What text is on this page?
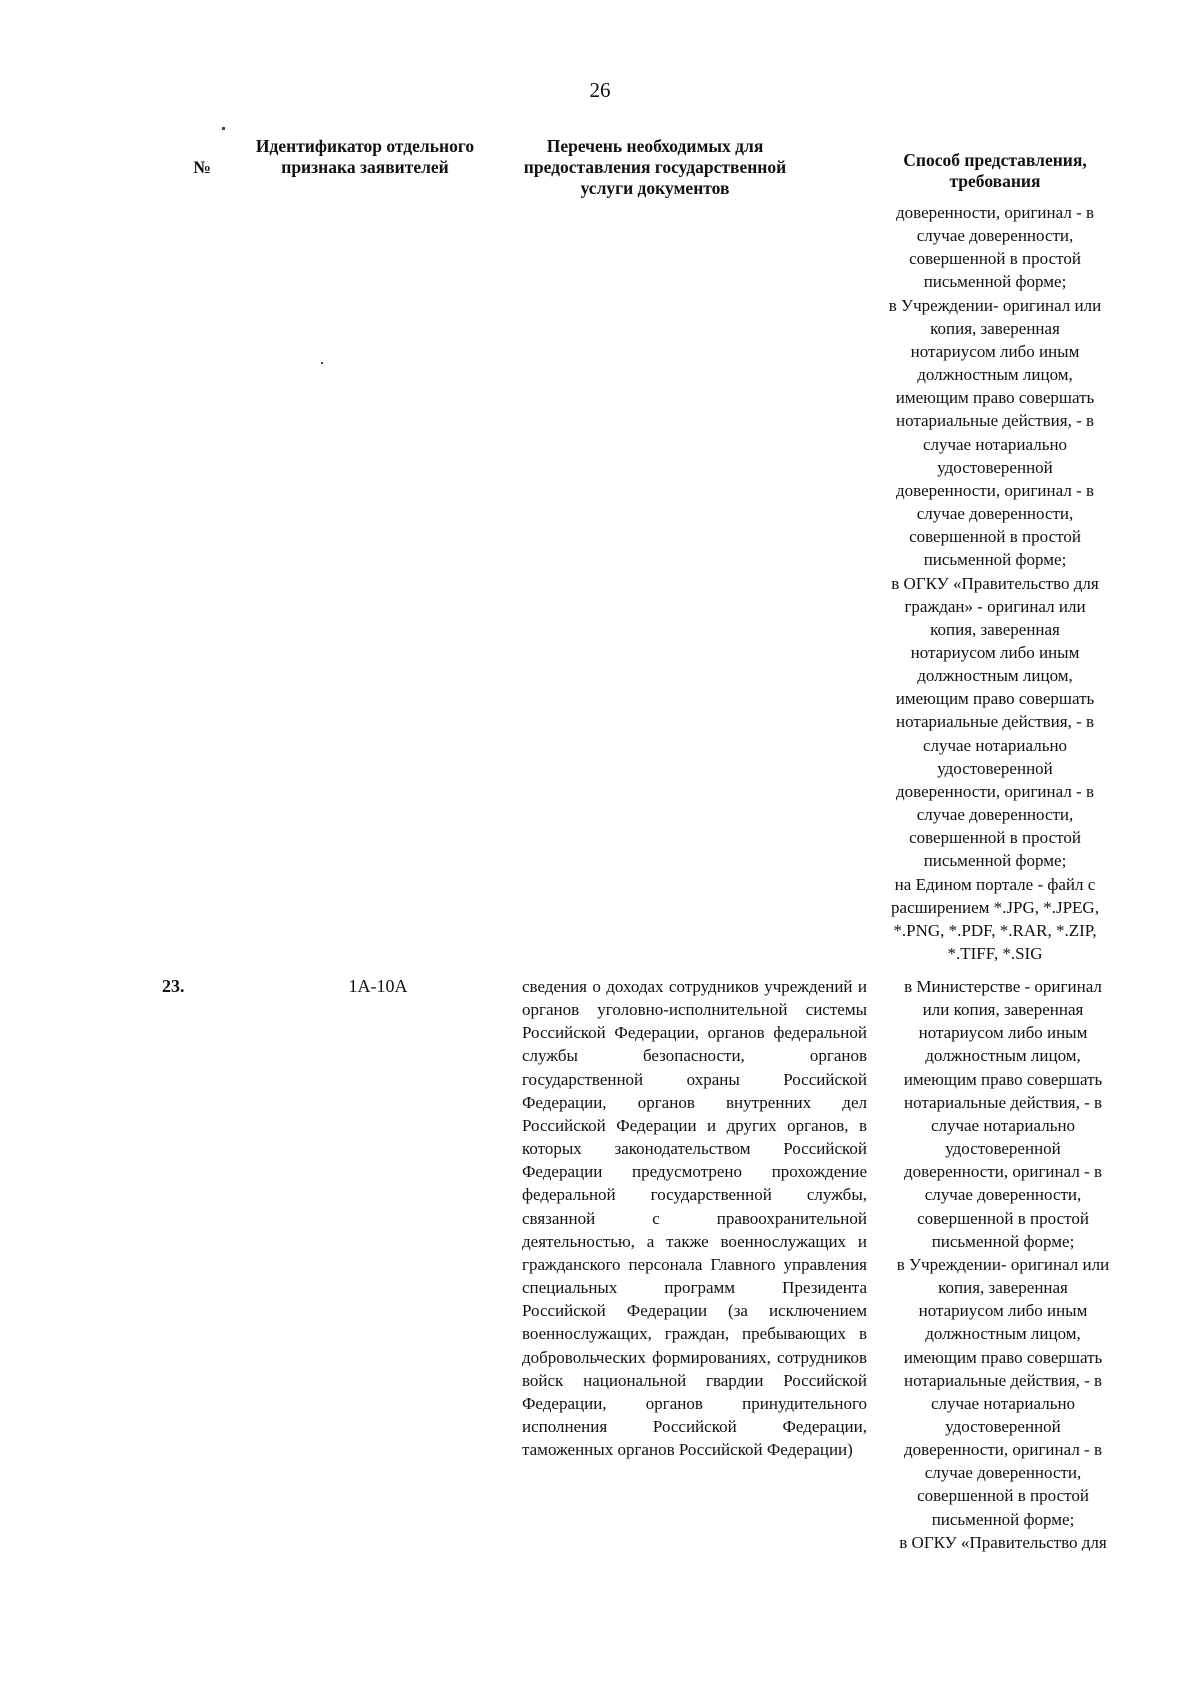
26
№
Идентификатор отдельного признака заявителей
Перечень необходимых для предоставления государственной услуги документов
Способ представления, требования
доверенности, оригинал - в
случае доверенности,
совершенной в простой
письменной форме;
в Учреждении- оригинал или
копия, заверенная
нотариусом либо иным
должностным лицом,
имеющим право совершать
нотариальные действия, - в
случае нотариально
удостоверенной
доверенности, оригинал - в
случае доверенности,
совершенной в простой
письменной форме;
в ОГКУ «Правительство для
граждан» - оригинал или
копия, заверенная
нотариусом либо иным
должностным лицом,
имеющим право совершать
нотариальные действия, - в
случае нотариально
удостоверенной
доверенности, оригинал - в
случае доверенности,
совершенной в простой
письменной форме;
на Едином портале - файл с
расширением *.JPG, *.JPEG,
*.PNG, *.PDF, *.RAR, *.ZIP,
*.TIFF, *.SIG
23.	1А-10А	сведения о доходах сотрудников учреждений и органов уголовно-исполнительной системы Российской Федерации, органов федеральной службы безопасности, органов государственной охраны Российской Федерации, органов внутренних дел Российской Федерации и других органов, в которых законодательством Российской Федерации предусмотрено прохождение федеральной государственной службы, связанной с правоохранительной деятельностью, а также военнослужащих и гражданского персонала Главного управления специальных программ Президента Российской Федерации (за исключением военнослужащих, граждан, пребывающих в добровольческих формированиях, сотрудников войск национальной гвардии Российской Федерации, органов принудительного исполнения Российской Федерации, таможенных органов Российской Федерации)
в Министерстве - оригинал
или копия, заверенная
нотариусом либо иным
должностным лицом,
имеющим право совершать
нотариальные действия, - в
случае нотариально
удостоверенной
доверенности, оригинал - в
случае доверенности,
совершенной в простой
письменной форме;
в Учреждении- оригинал или
копия, заверенная
нотариусом либо иным
должностным лицом,
имеющим право совершать
нотариальные действия, - в
случае нотариально
удостоверенной
доверенности, оригинал - в
случае доверенности,
совершенной в простой
письменной форме;
в ОГКУ «Правительство для
